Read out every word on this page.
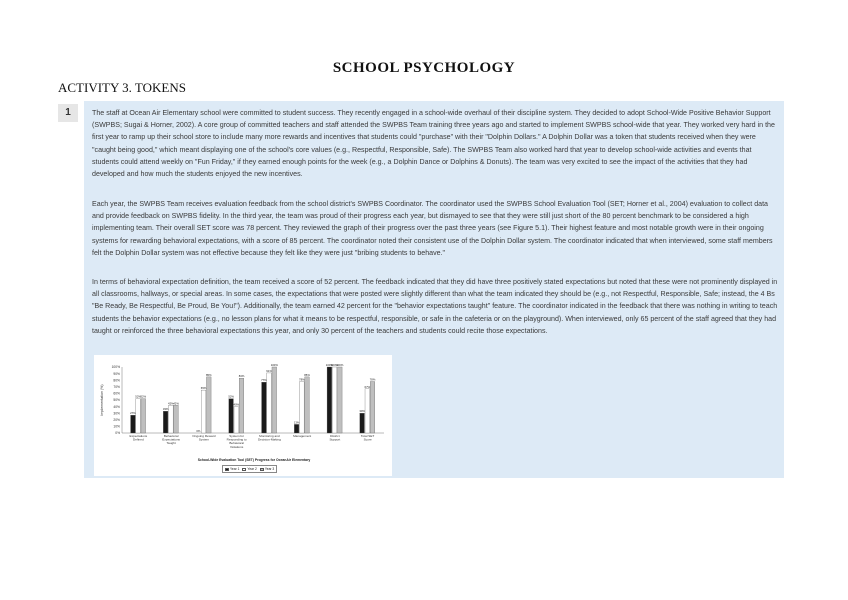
SCHOOL PSYCHOLOGY
ACTIVITY 3. TOKENS
1	The staff at Ocean Air Elementary school were committed to student success. They recently engaged in a school-wide overhaul of their discipline system. They decided to adopt School-Wide Positive Behavior Support (SWPBS; Sugai & Horner, 2002). A core group of committed teachers and staff attended the SWPBS Team training three years ago and started to implement SWPBS school-wide that year. They worked very hard in the first year to ramp up their school store to include many more rewards and incentives that students could "purchase" with their "Dolphin Dollars." A Dolphin Dollar was a token that students received when they were "caught being good," which meant displaying one of the school's core values (e.g., Respectful, Responsible, Safe). The SWPBS Team also worked hard that year to develop school-wide activities and events that students could attend weekly on "Fun Friday," if they earned enough points for the week (e.g., a Dolphin Dance or Dolphins & Donuts). The team was very excited to see the impact of the activities that they had developed and how much the students enjoyed the new incentives.

Each year, the SWPBS Team receives evaluation feedback from the school district's SWPBS Coordinator. The coordinator used the SWPBS School Evaluation Tool (SET; Horner et al., 2004) evaluation to collect data and provide feedback on SWPBS fidelity. In the third year, the team was proud of their progress each year, but dismayed to see that they were still just short of the 80 percent benchmark to be considered a high implementing team. Their overall SET score was 78 percent. They reviewed the graph of their progress over the past three years (see Figure 5.1). Their highest feature and most notable growth were in their ongoing systems for rewarding behavioral expectations, with a score of 85 percent. The coordinator noted their consistent use of the Dolphin Dollar system. The coordinator indicated that when interviewed, some staff members felt the Dolphin Dollar system was not effective because they felt like they were just "bribing students to behave."

In terms of behavioral expectation definition, the team received a score of 52 percent. The feedback indicated that they did have three positively stated expectations but noted that these were not prominently displayed in all classrooms, hallways, or special areas. In some cases, the expectations that were posted were slightly different than what the team indicated they should be (e.g., not Respectful, Responsible, Safe; instead, the 4 Bs "Be Ready, Be Respectful, Be Proud, Be You!"). Additionally, the team earned 42 percent for the "behavior expectations taught" feature. The coordinator indicated in the feedback that there was nothing in writing to teach students the behavior expectations (e.g., no lesson plans for what it means to be respectful, responsible, or safe in the cafeteria or on the playground). When interviewed, only 65 percent of the staff agreed that they had taught or reinforced the three behavioral expectations this year, and only 30 percent of the teachers and students could recite those expectations.

0%
10%
20%
30%
40%
50%
60%
70%
80%
90%
100%
Implementation (%)	27%
52% 52%
Expectations
Defined
33%
42% 42%
Behavioral
Expectations
Taught
0%
65%
85%
Ongoing Reward
System
52%
40%
83%
System for
Responding to
Behavioral
Violations
77%
91%
100%
Monitoring and
Decision-Making
13%
78%
85%
Management
100%
100%
100%
District
Support
30%
67%
78%
Total SET
Score
School-Wide Evaluation Tool (SET) Progress for OceanAir Elementary
Year 1 Year 2 Year 3
